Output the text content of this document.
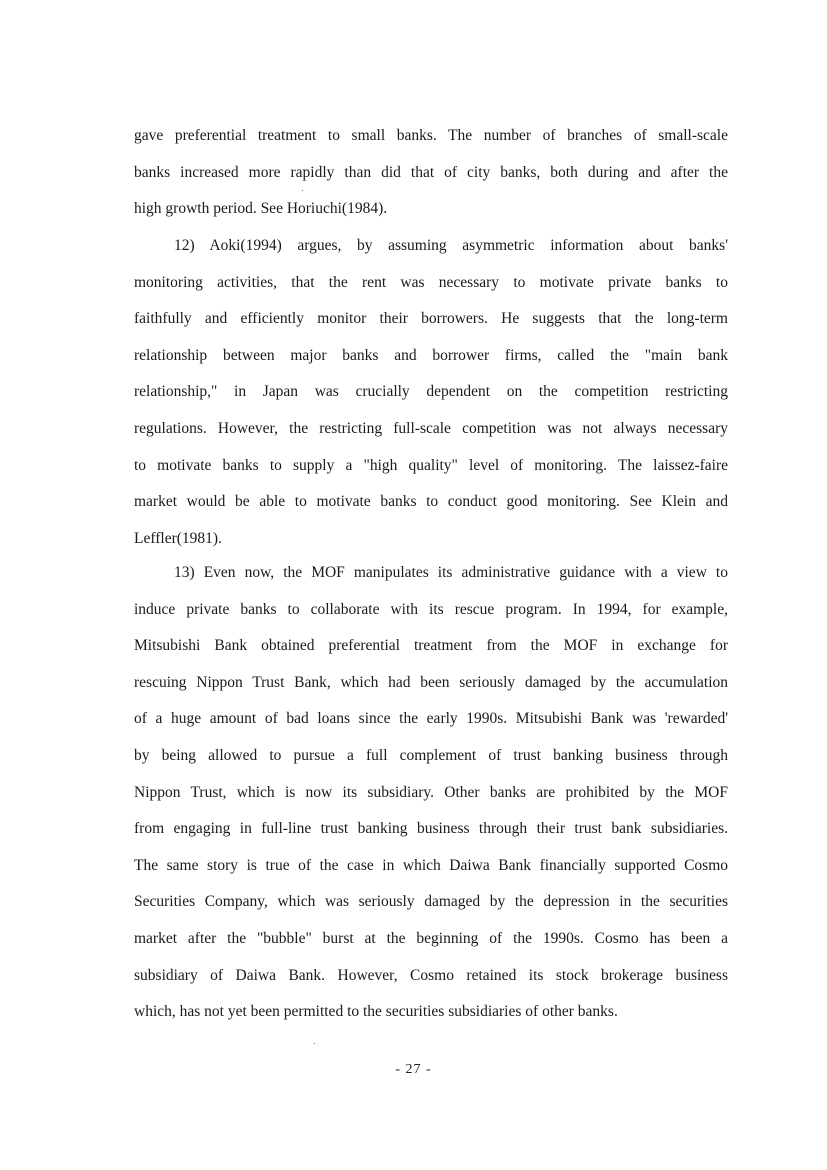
gave preferential treatment to small banks. The number of branches of small-scale
banks increased more rapidly than did that of city banks, both during and after the
high growth period. See Horiuchi(1984).
12) Aoki(1994) argues, by assuming asymmetric information about banks'
monitoring activities, that the rent was necessary to motivate private banks to
faithfully and efficiently monitor their borrowers. He suggests that the long-term
relationship between major banks and borrower firms, called the "main bank
relationship," in Japan was crucially dependent on the competition restricting
regulations. However, the restricting full-scale competition was not always necessary
to motivate banks to supply a "high quality" level of monitoring. The laissez-faire
market would be able to motivate banks to conduct good monitoring. See Klein and
Leffler(1981).
13) Even now, the MOF manipulates its administrative guidance with a view to
induce private banks to collaborate with its rescue program. In 1994, for example,
Mitsubishi Bank obtained preferential treatment from the MOF in exchange for
rescuing Nippon Trust Bank, which had been seriously damaged by the accumulation
of a huge amount of bad loans since the early 1990s. Mitsubishi Bank was 'rewarded'
by being allowed to pursue a full complement of trust banking business through
Nippon Trust, which is now its subsidiary. Other banks are prohibited by the MOF
from engaging in full-line trust banking business through their trust bank subsidiaries.
The same story is true of the case in which Daiwa Bank financially supported Cosmo
Securities Company, which was seriously damaged by the depression in the securities
market after the "bubble" burst at the beginning of the 1990s. Cosmo has been a
subsidiary of Daiwa Bank. However, Cosmo retained its stock brokerage business
which, has not yet been permitted to the securities subsidiaries of other banks.
- 27 -
